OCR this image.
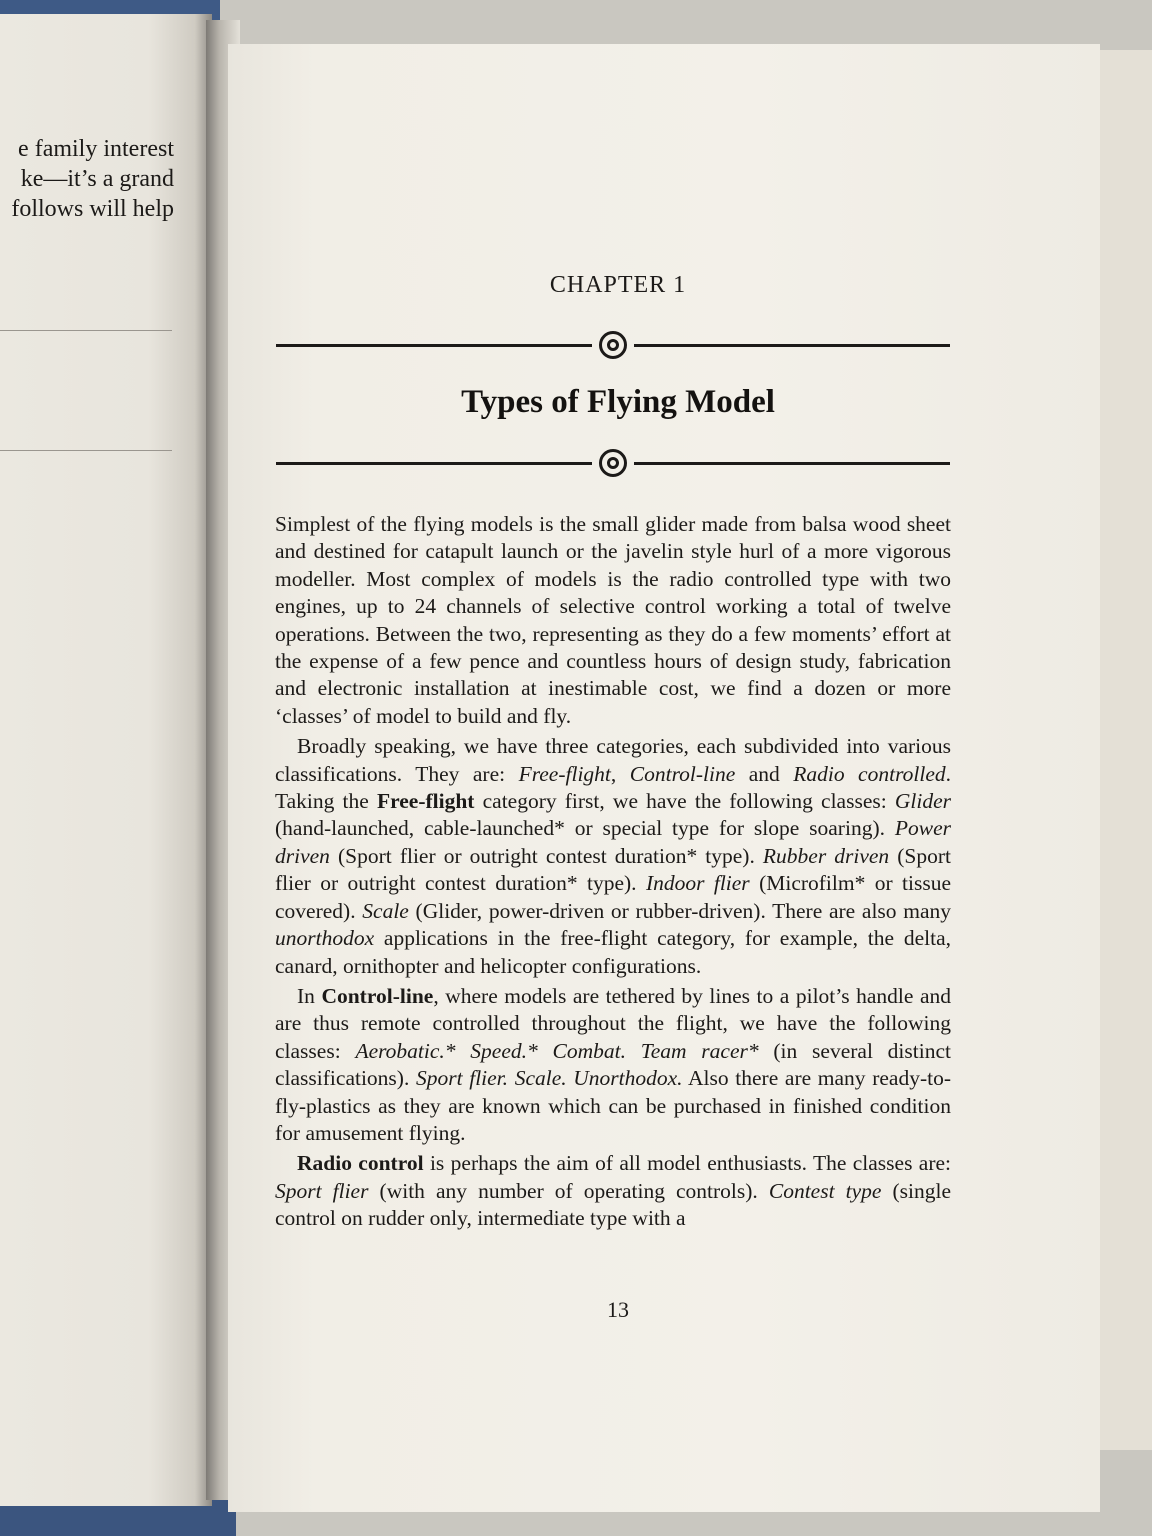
e family interest
ke—it’s a grand
follows will help
CHAPTER 1
Types of Flying Model

Simplest of the flying models is the small glider made from balsa wood sheet and destined for catapult launch or the javelin style hurl of a more vigorous modeller. Most complex of models is the radio controlled type with two engines, up to 24 channels of selective control working a total of twelve operations. Between the two, representing as they do a few moments’ effort at the expense of a few pence and countless hours of design study, fabrication and electronic installation at inestimable cost, we find a dozen or more ‘classes’ of model to build and fly.

Broadly speaking, we have three categories, each subdivided into various classifications. They are: Free-flight, Control-line and Radio controlled. Taking the Free-flight category first, we have the following classes: Glider (hand-launched, cable-launched* or special type for slope soaring). Power driven (Sport flier or outright contest duration* type). Rubber driven (Sport flier or outright contest duration* type). Indoor flier (Microfilm* or tissue covered). Scale (Glider, power-driven or rubber-driven). There are also many unorthodox applications in the free-flight category, for example, the delta, canard, ornithopter and helicopter configurations.

In Control-line, where models are tethered by lines to a pilot’s handle and are thus remote controlled throughout the flight, we have the following classes: Aerobatic.* Speed.* Combat. Team racer* (in several distinct classifications). Sport flier. Scale. Unorthodox. Also there are many ready-to-fly-plastics as they are known which can be purchased in finished condition for amusement flying.

Radio control is perhaps the aim of all model enthusiasts. The classes are: Sport flier (with any number of operating controls). Contest type (single control on rudder only, intermediate type with a

13
